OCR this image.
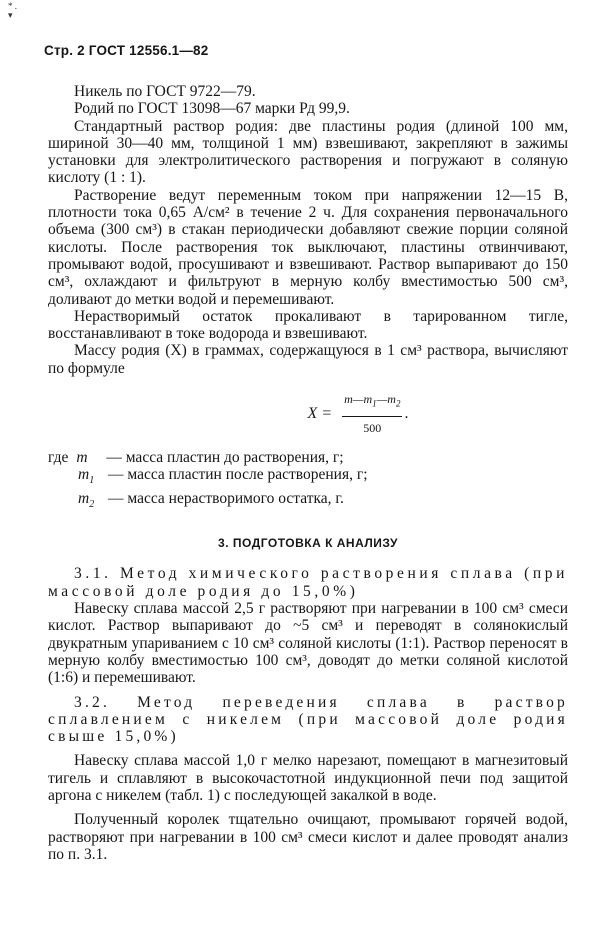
* .
▾
Стр. 2 ГОСТ 12556.1—82

Никель по ГОСТ 9722—79.

Родий по ГОСТ 13098—67 марки Рд 99,9.

Стандартный раствор родия: две пластины родия (длиной 100 мм, шириной 30—40 мм, толщиной 1 мм) взвешивают, закрепляют в зажимы установки для электролитического растворения и погружают в соляную кислоту (1 : 1).

Растворение ведут переменным током при напряжении 12—15 В, плотности тока 0,65 А/см² в течение 2 ч. Для сохранения первоначального объема (300 см³) в стакан периодически добавляют свежие порции соляной кислоты. После растворения ток выключают, пластины отвинчивают, промывают водой, просушивают и взвешивают. Раствор выпаривают до 150 см³, охлаждают и фильтруют в мерную колбу вместимостью 500 см³, доливают до метки водой и перемешивают.

Нерастворимый остаток прокаливают в тарированном тигле, восстанавливают в токе водорода и взвешивают.

Массу родия (X) в граммах, содержащуюся в 1 см³ раствора, вычисляют по формуле

$X = \frac{m—m_1—m_2}{500}$ .
где m	— масса пластин до растворения, г;
$m_1$ — масса пластин после растворения, г;
$m_2$ — масса нерастворимого остатка, г.
3. ПОДГОТОВКА К АНАЛИЗУ

3.1. Метод химического растворения сплава (при массовой доле родия до 15,0%)

Навеску сплава массой 2,5 г растворяют при нагревании в 100 см³ смеси кислот. Раствор выпаривают до ~5 см³ и переводят в солянокислый двукратным упариванием с 10 см³ соляной кислоты (1:1). Раствор переносят в мерную колбу вместимостью 100 см³, доводят до метки соляной кислотой (1:6) и перемешивают.

3.2. Метод переведения сплава в раствор сплавлением с никелем (при массовой доле родия свыше 15,0%)

Навеску сплава массой 1,0 г мелко нарезают, помещают в магнезитовый тигель и сплавляют в высокочастотной индукционной печи под защитой аргона с никелем (табл. 1) с последующей закалкой в воде.

Полученный королек тщательно очищают, промывают горячей водой, растворяют при нагревании в 100 см³ смеси кислот и далее проводят анализ по п. 3.1.
